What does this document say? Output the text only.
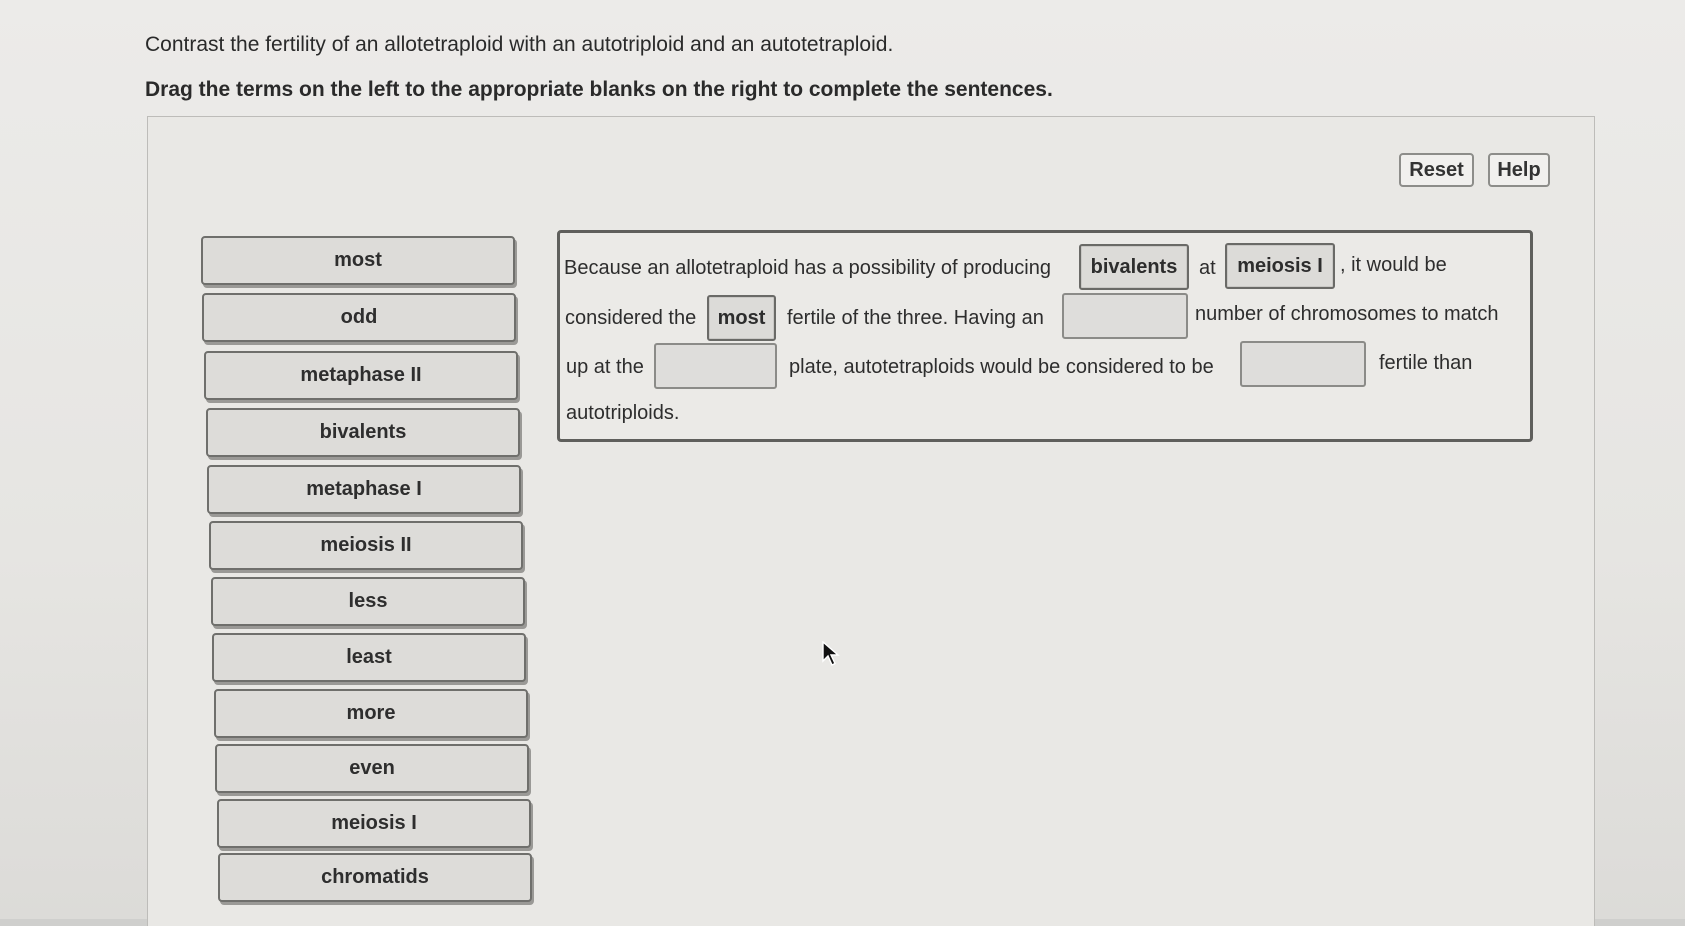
Contrast the fertility of an allotetraploid with an autotriploid and an autotetraploid.
Drag the terms on the left to the appropriate blanks on the right to complete the sentences.
Reset	Help
most
odd
metaphase II
bivalents
metaphase I
meiosis II
less
least
more
even
meiosis I
chromatids
Because an allotetraploid has a possibility of producing	bivalents	at	meiosis I , it would be
considered the	most	fertile of the three. Having an	number of chromosomes to match
up at the	plate, autotetraploids would be considered to be	fertile than
autotriploids.
